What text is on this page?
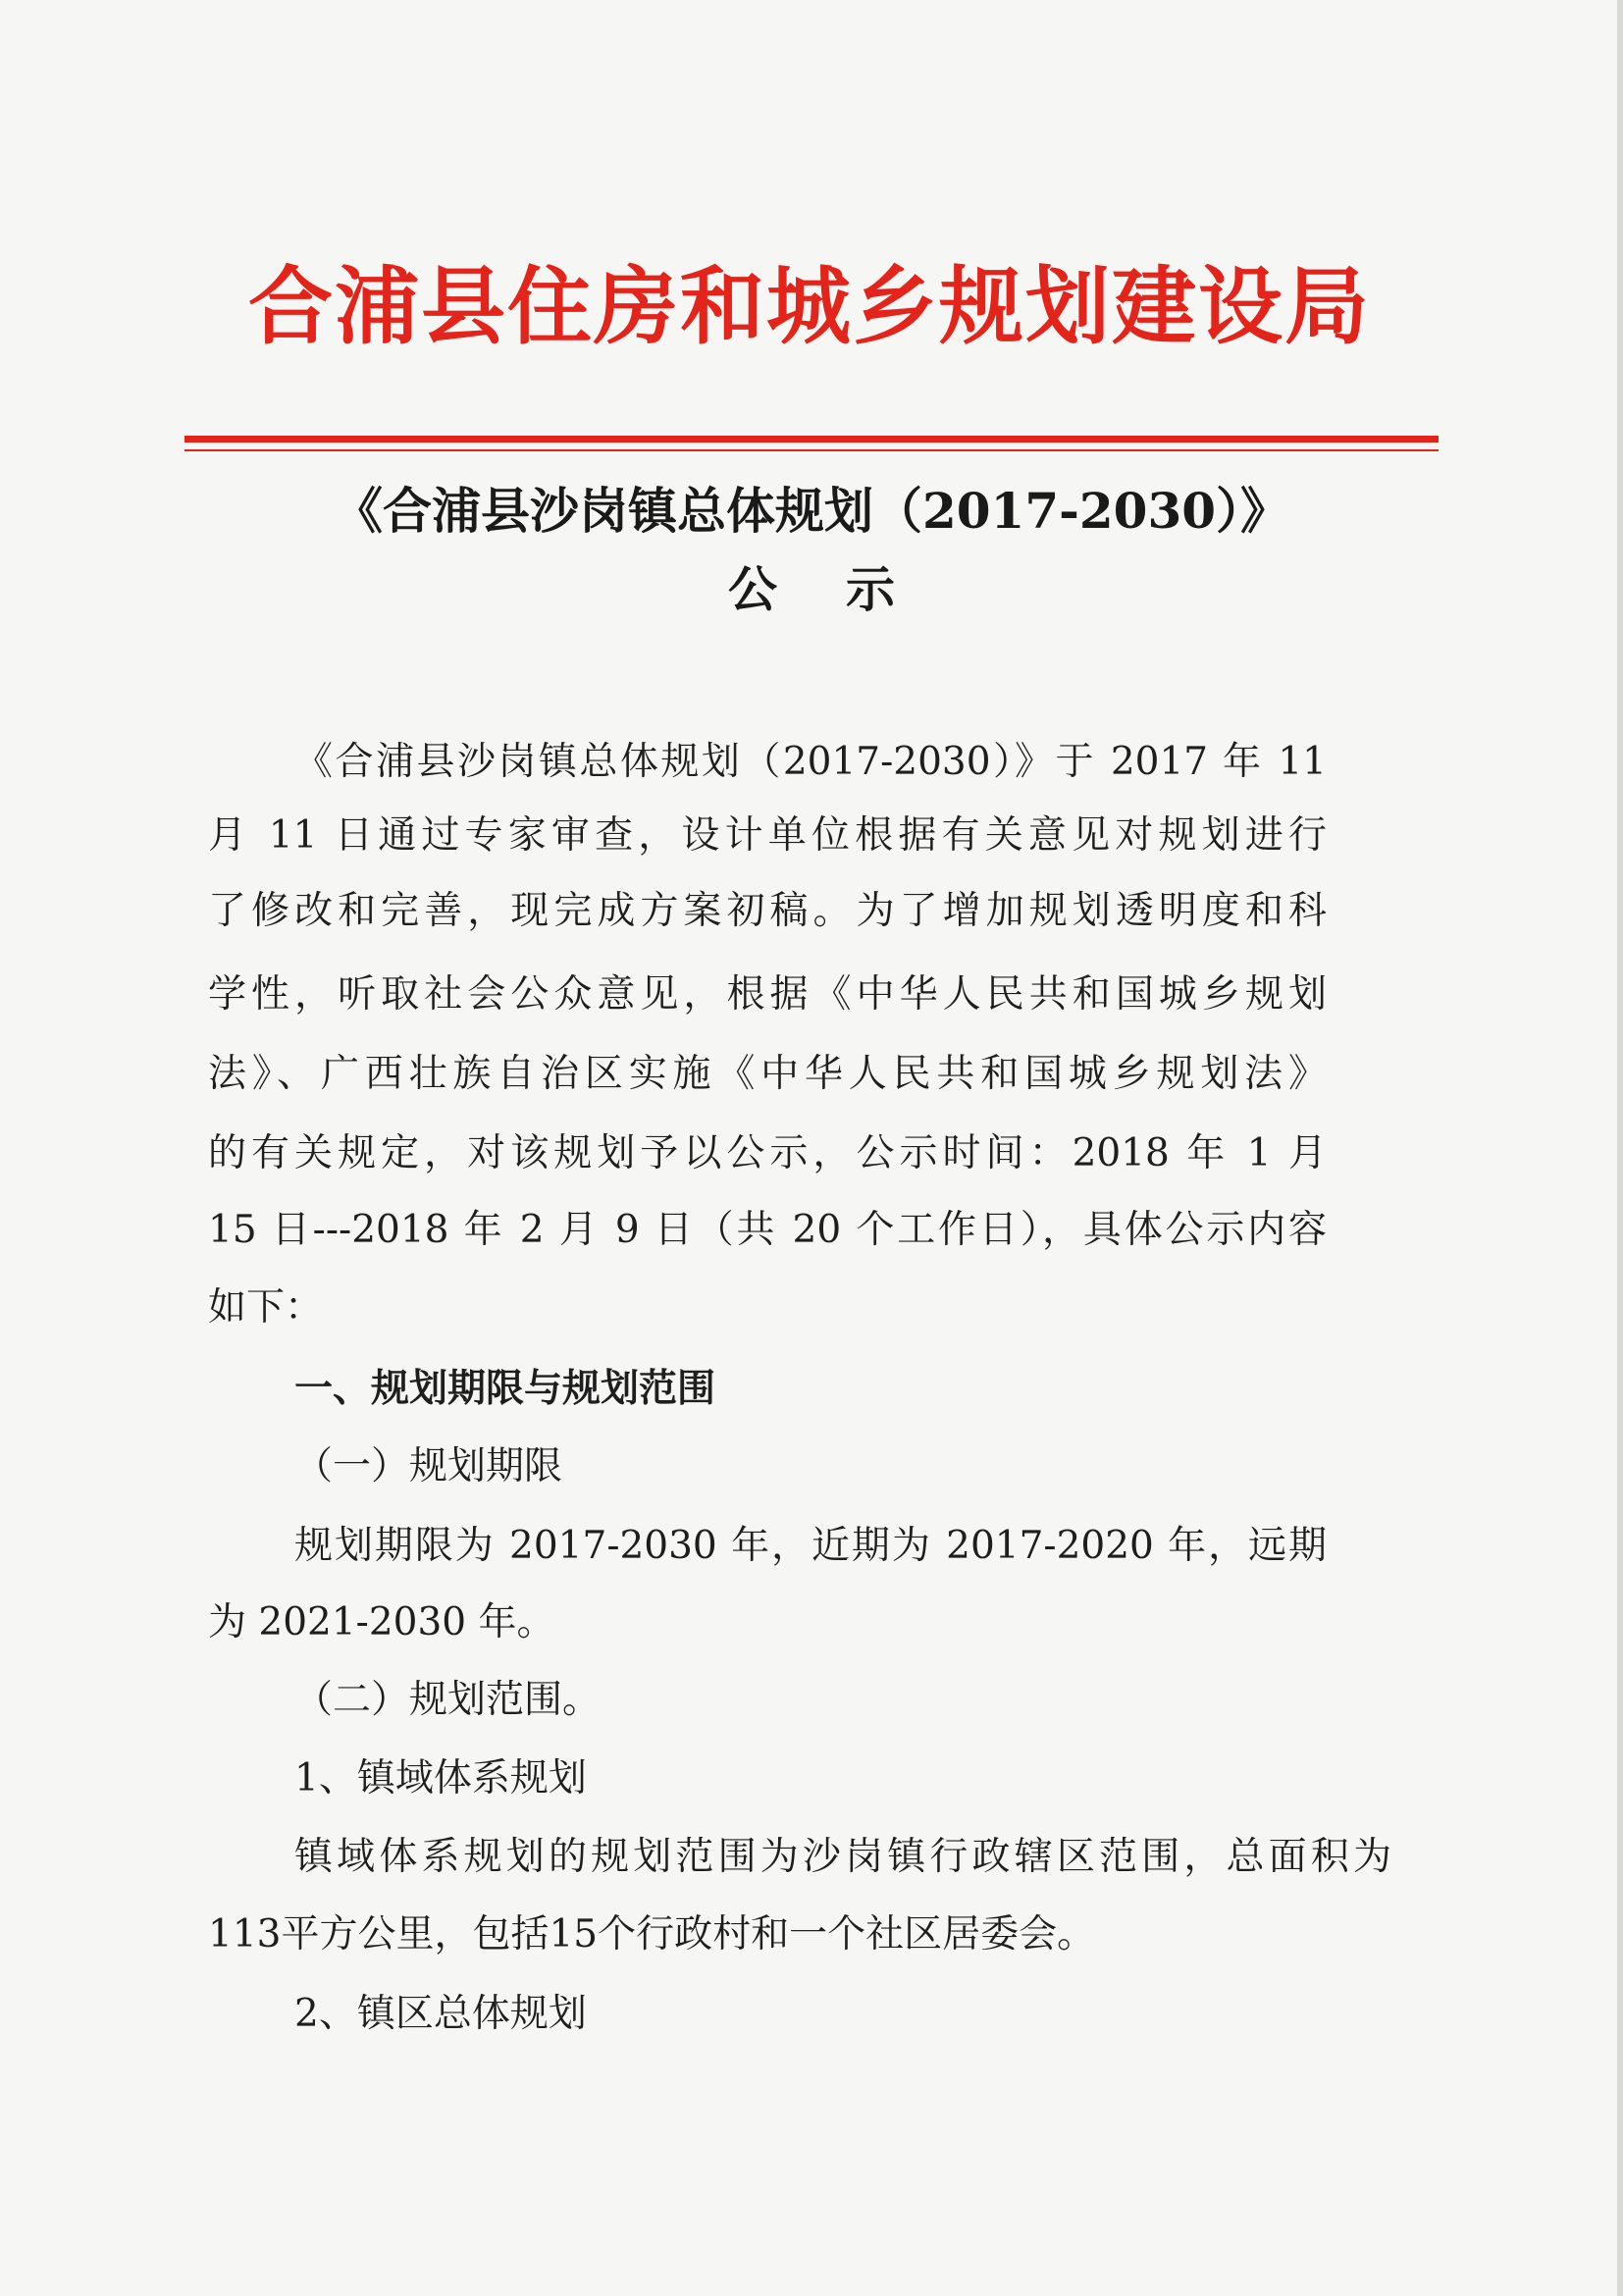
合浦县住房和城乡规划建设局
《合浦县沙岗镇总体规划（2017-2030）》
公示

《合浦县沙岗镇总体规划（2017-2030）》于 2017 年 11

月 11 日通过专家审查，设计单位根据有关意见对规划进行

了修改和完善，现完成方案初稿。为了增加规划透明度和科

学性，听取社会公众意见，根据《中华人民共和国城乡规划

法》、广西壮族自治区实施《中华人民共和国城乡规划法》

的有关规定，对该规划予以公示，公示时间：2018 年 1 月

15 日---2018 年 2 月 9 日（共 20 个工作日），具体公示内容

如下：

一、规划期限与规划范围

（一）规划期限

规划期限为 2017-2030 年，近期为 2017-2020 年，远期

为 2021-2030 年。

（二）规划范围。

1、镇域体系规划

镇域体系规划的规划范围为沙岗镇行政辖区范围，总面积为

113平方公里，包括15个行政村和一个社区居委会。

2、镇区总体规划
